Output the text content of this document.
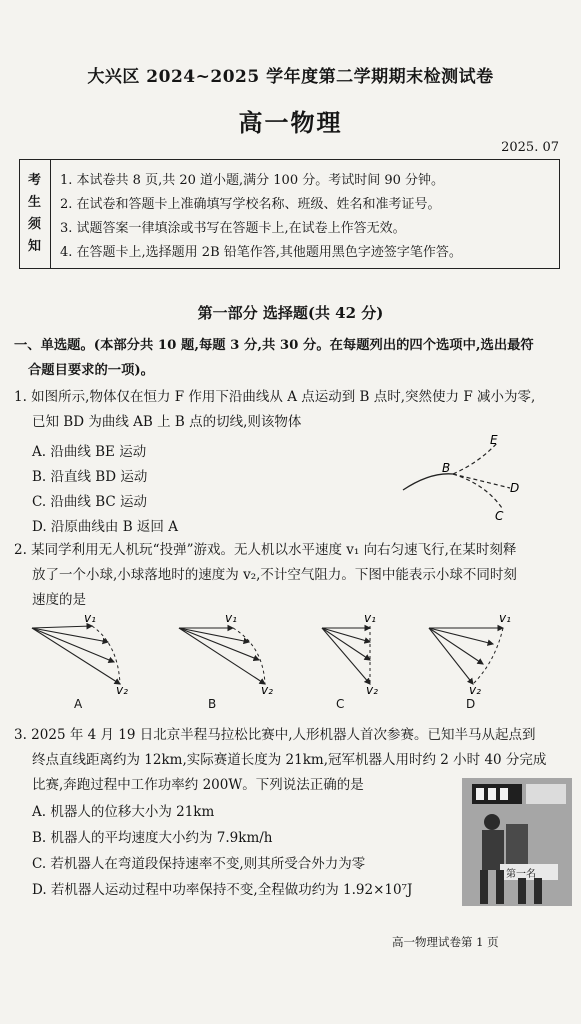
大兴区 2024~2025 学年度第二学期期末检测试卷
高一物理
2025. 07
考
生
须
知
1. 本试卷共 8 页,共 20 道小题,满分 100 分。考试时间 90 分钟。
2. 在试卷和答题卡上准确填写学校名称、班级、姓名和准考证号。
3. 试题答案一律填涂或书写在答题卡上,在试卷上作答无效。
4. 在答题卡上,选择题用 2B 铅笔作答,其他题用黑色字迹签字笔作答。
第一部分 选择题(共 42 分)
一、单选题。(本部分共 10 题,每题 3 分,共 30 分。在每题列出的四个选项中,选出最符
合题目要求的一项)。
1. 如图所示,物体仅在恒力 F 作用下沿曲线从 A 点运动到 B 点时,突然使力 F 减小为零,
已知 BD 为曲线 AB 上 B 点的切线,则该物体
A. 沿曲线 BE 运动
B. 沿直线 BD 运动
C. 沿曲线 BC 运动
D. 沿原曲线由 B 返回 A
B
E
D
C
2. 某同学利用无人机玩“投弹”游戏。无人机以水平速度 v₁ 向右匀速飞行,在某时刻释
放了一个小球,小球落地时的速度为 v₂,不计空气阻力。下图中能表示小球不同时刻
速度的是
v₁
v₂
v₁
v₂
v₁
v₂
v₁
v₂
A	B	C	D
3. 2025 年 4 月 19 日北京半程马拉松比赛中,人形机器人首次参赛。已知半马从起点到
终点直线距离约为 12km,实际赛道长度为 21km,冠军机器人用时约 2 小时 40 分完成
比赛,奔跑过程中工作功率约 200W。下列说法正确的是
A. 机器人的位移大小为 21km
B. 机器人的平均速度大小约为 7.9km/h
C. 若机器人在弯道段保持速率不变,则其所受合外力为零
D. 若机器人运动过程中功率保持不变,全程做功约为 1.92×10⁷J
第一名
高一物理试卷第 1 页
